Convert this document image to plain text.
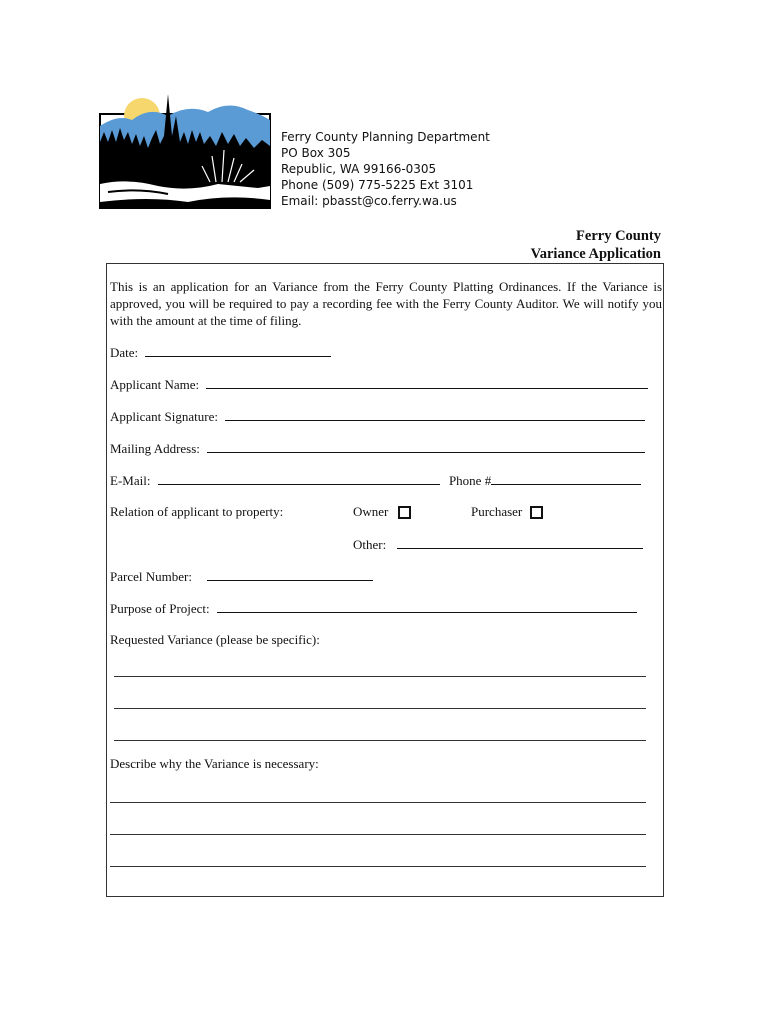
Ferry County Planning Department
PO Box 305
Republic, WA 99166-0305
Phone (509) 775-5225 Ext 3101
Email: pbasst@co.ferry.wa.us
Ferry County
Variance Application
This is an application for an Variance from the Ferry County Platting Ordinances. If the Variance is approved, you will be required to pay a recording fee with the Ferry County Auditor. We will notify you with the amount at the time of filing.
Date:
Applicant Name:
Applicant Signature:
Mailing Address:
E-Mail:	Phone #
Relation of applicant to property:	Owner	Purchaser
Other:
Parcel Number:
Purpose of Project:
Requested Variance (please be specific):
Describe why the Variance is necessary:
